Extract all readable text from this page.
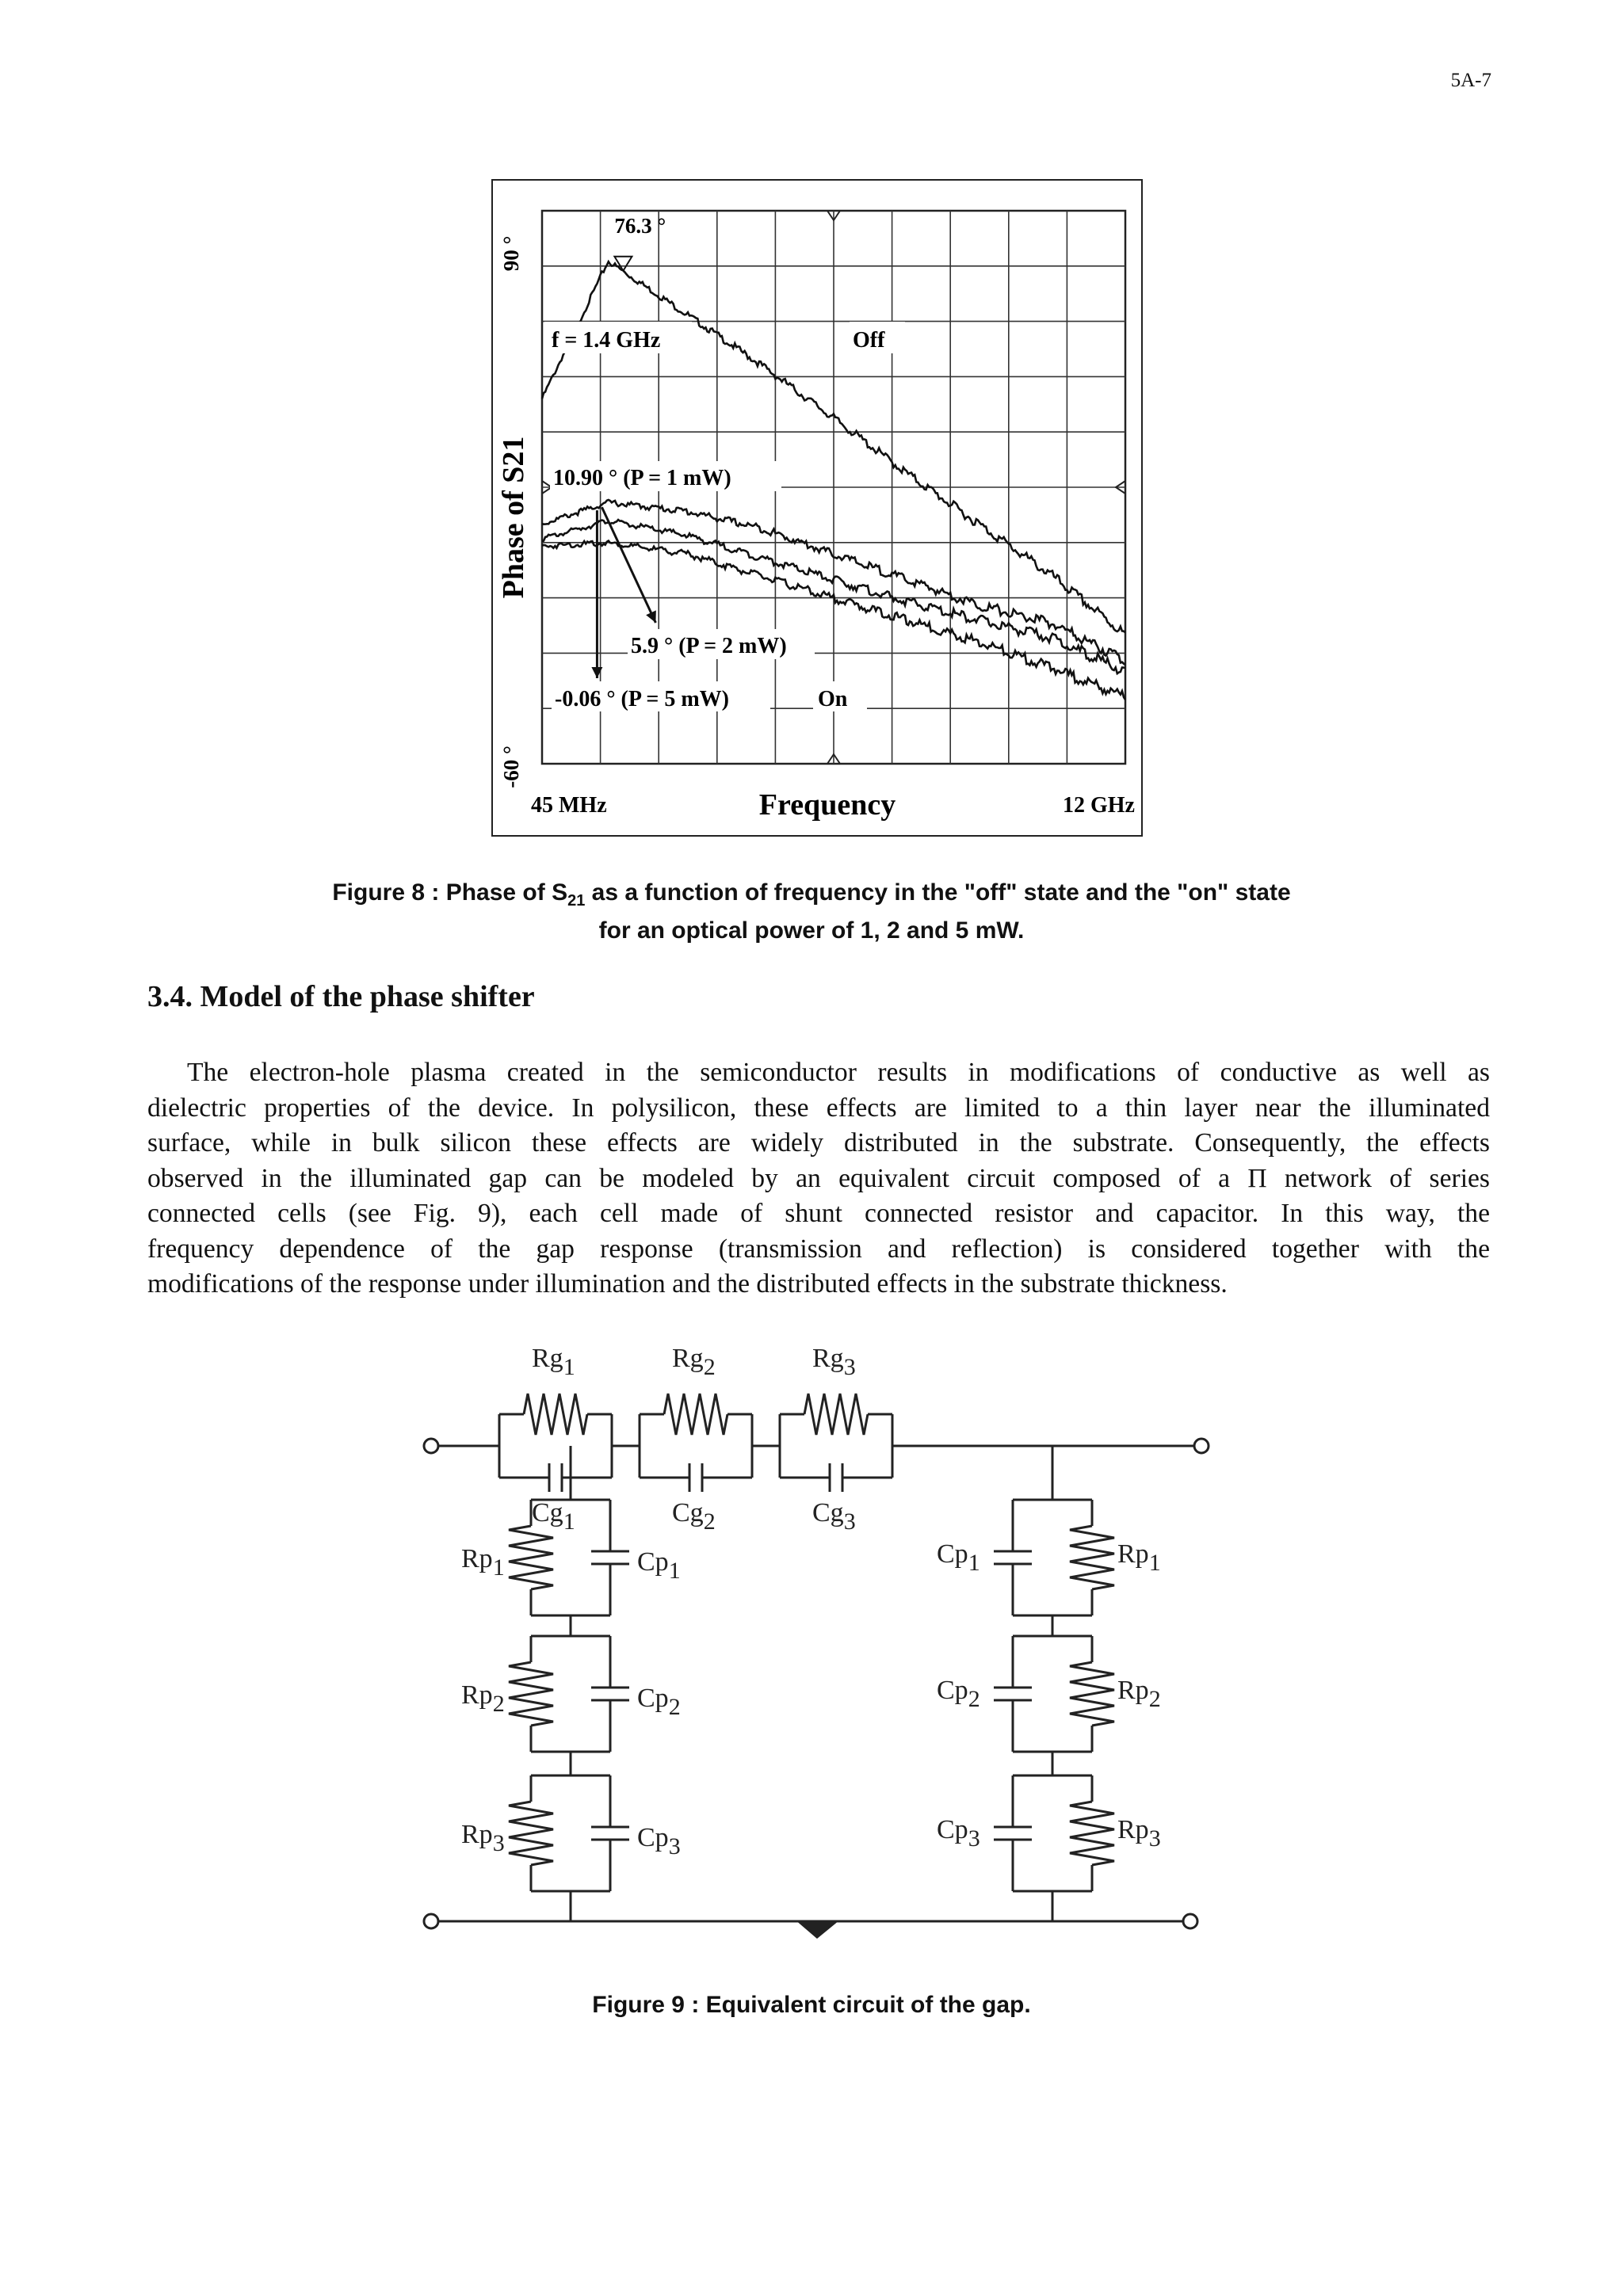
5A-7
76.3 °
f = 1.4 GHz	Off
10.90 ° (P = 1 mW)
5.9 ° (P = 2 mW)
-0.06 ° (P = 5 mW)	On
90 °
-60 °
Phase of S21
45 MHz	Frequency	12 GHz
Figure 8 : Phase of $S_{21}$ as a function of frequency in the "off" state and the "on" state
for an optical power of 1, 2 and 5 mW.
3.4. Model of the phase shifter

The electron-hole plasma created in the semiconductor results in modifications of conductive as well as
dielectric properties of the device. In polysilicon, these effects are limited to a thin layer near the illuminated
surface, while in bulk silicon these effects are widely distributed in the substrate. Consequently, the effects
observed in the illuminated gap can be modeled by an equivalent circuit composed of a Π network of series
connected cells (see Fig. 9), each cell made of shunt connected resistor and capacitor. In this way, the
frequency dependence of the gap response (transmission and reflection) is considered together with the
modifications of the response under illumination and the distributed effects in the substrate thickness.

Rg1
Cg1
Rg2
Cg2
Rg3
Cg3
Rp1	Cp1
Rp2	Cp2
Rp3	Cp3
Rp1
Cp1
Rp2
Cp2
Rp3
Cp3
Figure 9 : Equivalent circuit of the gap.
